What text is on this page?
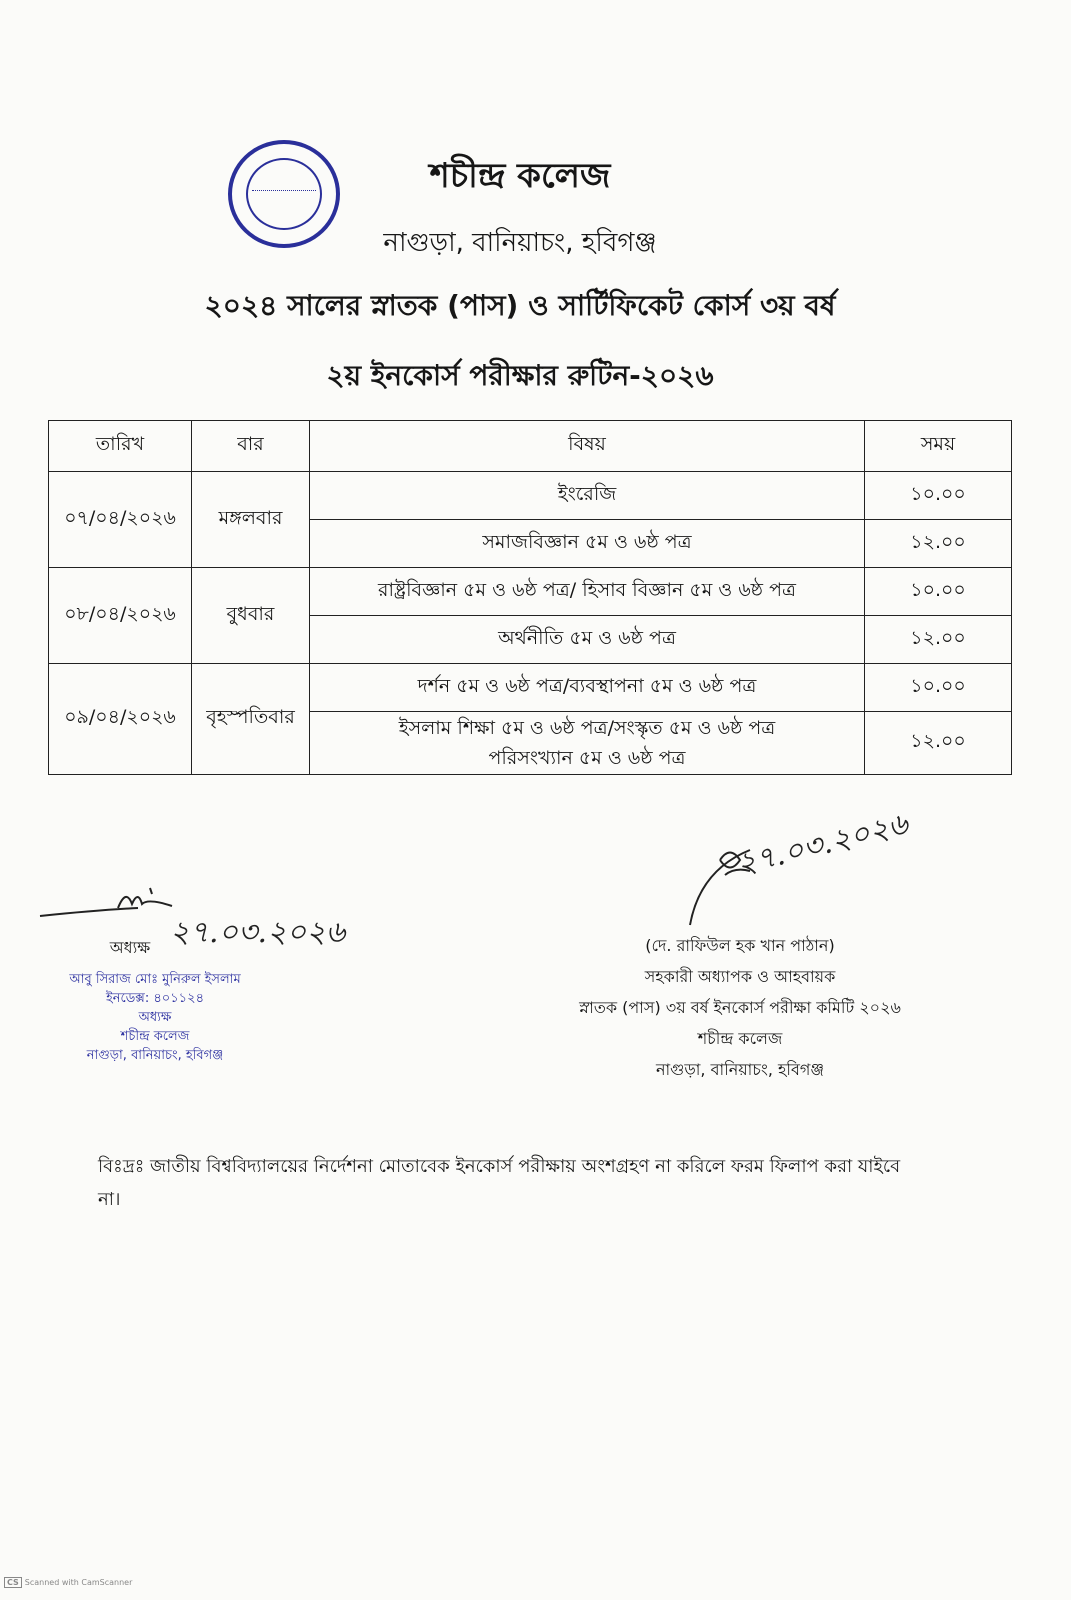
শচীন্দ্র কলেজ
নাগুড়া, বানিয়াচং, হবিগঞ্জ
২০২৪ সালের স্নাতক (পাস) ও সার্টিফিকেট কোর্স ৩য় বর্ষ
২য় ইনকোর্স পরীক্ষার রুটিন-২০২৬
তারিখ	বার	বিষয়	সময়
০৭/০৪/২০২৬	মঙ্গলবার	ইংরেজি	১০.০০
		সমাজবিজ্ঞান ৫ম ও ৬ষ্ঠ পত্র	১২.০০
০৮/০৪/২০২৬	বুধবার	রাষ্ট্রবিজ্ঞান ৫ম ও ৬ষ্ঠ পত্র/ হিসাব বিজ্ঞান ৫ম ও ৬ষ্ঠ পত্র	১০.০০
		অর্থনীতি ৫ম ও ৬ষ্ঠ পত্র	১২.০০
০৯/০৪/২০২৬	বৃহস্পতিবার	দর্শন ৫ম ও ৬ষ্ঠ পত্র/ব্যবস্থাপনা ৫ম ও ৬ষ্ঠ পত্র	১০.০০

		ইসলাম শিক্ষা ৫ম ও ৬ষ্ঠ পত্র/সংস্কৃত ৫ম ও ৬ষ্ঠ পত্র
পরিসংখ্যান ৫ম ও ৬ষ্ঠ পত্র	১২.০০
২৭.০৩.২০২৬
অধ্যক্ষ
আবু সিরাজ মোঃ মুনিরুল ইসলাম
ইনডেক্স: ৪০১১২৪
অধ্যক্ষ
শচীন্দ্র কলেজ
নাগুড়া, বানিয়াচং, হবিগঞ্জ
২৭.০৩.২০২৬
(দে. রাফিউল হক খান পাঠান)
সহকারী অধ্যাপক ও আহবায়ক
স্নাতক (পাস) ৩য় বর্ষ ইনকোর্স পরীক্ষা কমিটি ২০২৬
শচীন্দ্র কলেজ
নাগুড়া, বানিয়াচং, হবিগঞ্জ
বিঃদ্রঃ জাতীয় বিশ্ববিদ্যালয়ের নির্দেশনা মোতাবেক ইনকোর্স পরীক্ষায় অংশগ্রহণ না করিলে ফরম ফিলাপ করা যাইবে না।
CS Scanned with CamScanner
